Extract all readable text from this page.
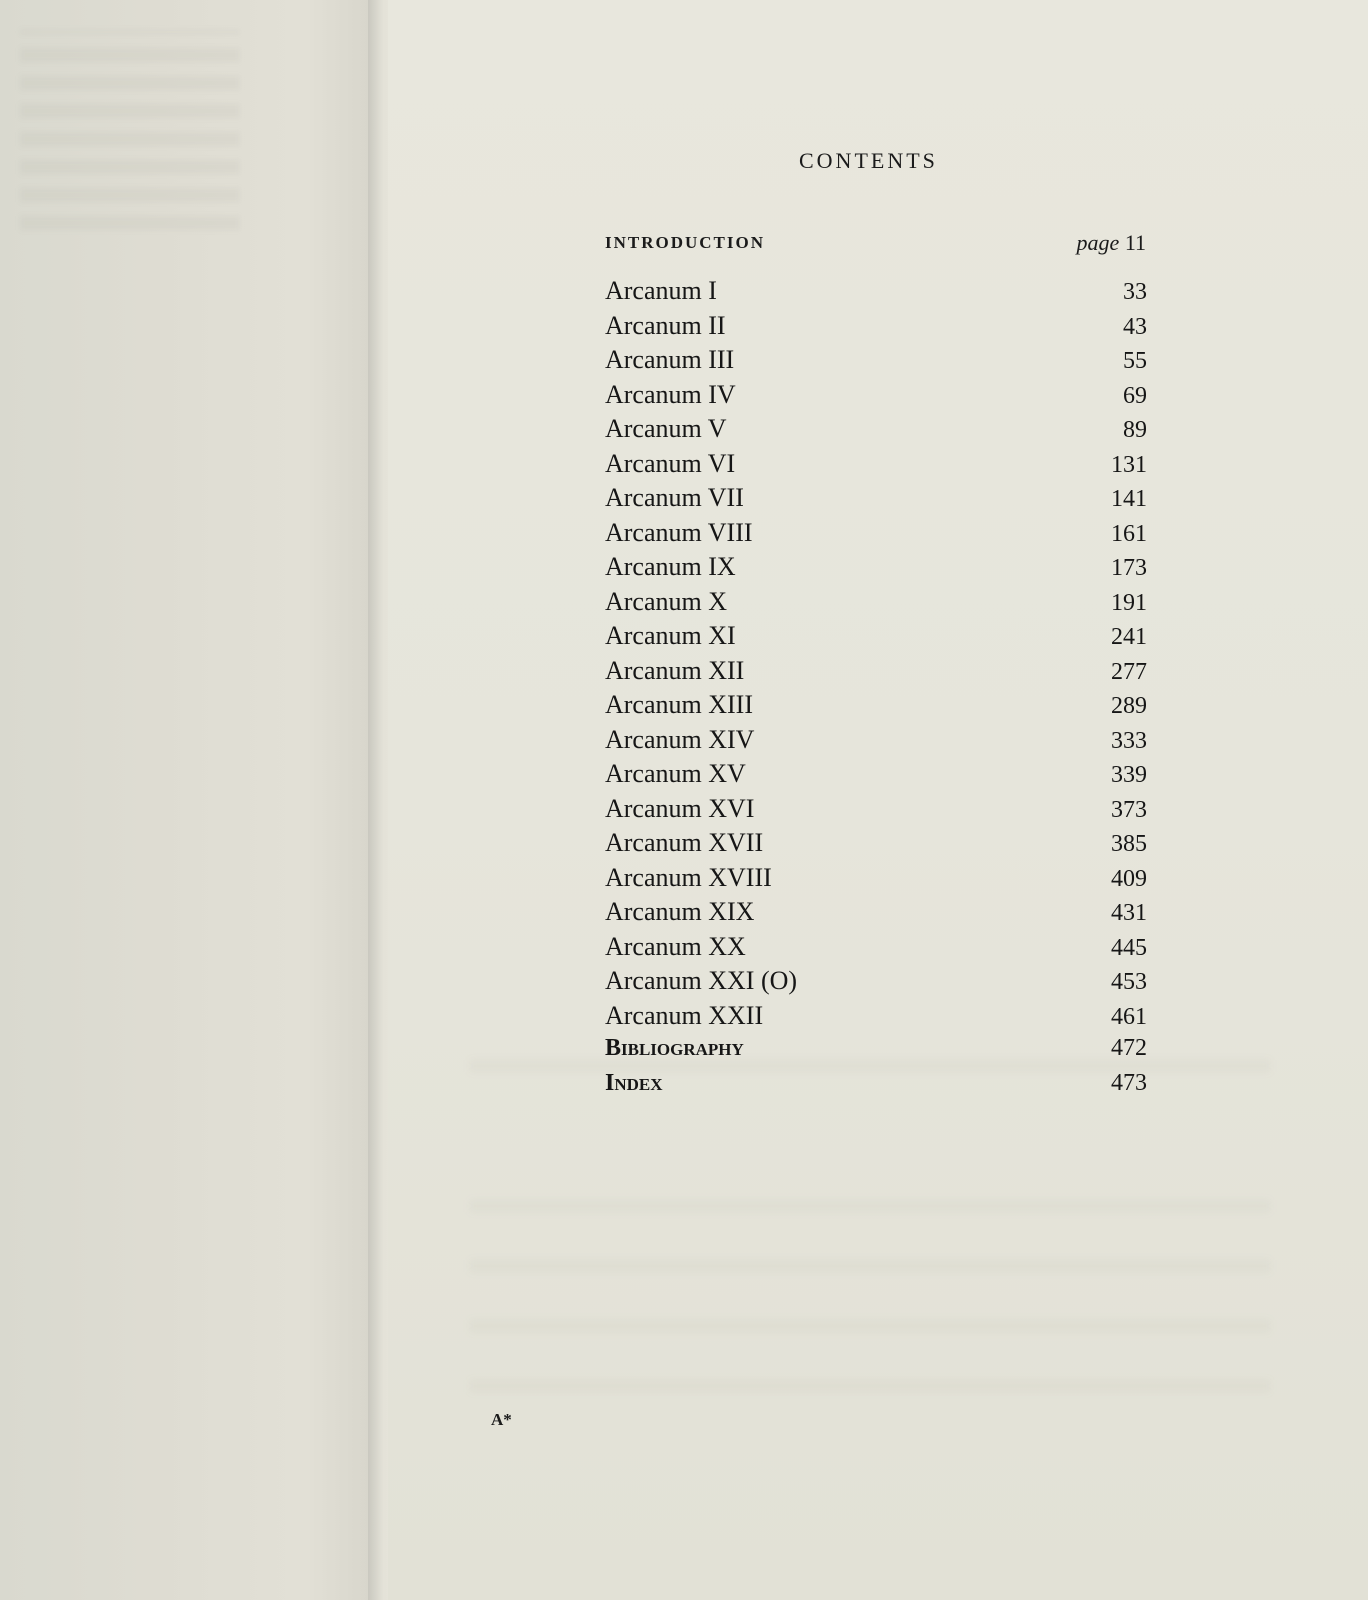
CONTENTS
INTRODUCTION	page 11
Arcanum I	33
Arcanum II	43
Arcanum III	55
Arcanum IV	69
Arcanum V	89
Arcanum VI	131
Arcanum VII	141
Arcanum VIII	161
Arcanum IX	173
Arcanum X	191
Arcanum XI	241
Arcanum XII	277
Arcanum XIII	289
Arcanum XIV	333
Arcanum XV	339
Arcanum XVI	373
Arcanum XVII	385
Arcanum XVIII	409
Arcanum XIX	431
Arcanum XX	445
Arcanum XXI (O)	453
Arcanum XXII	461
Bibliography	472
Index	473
A*
